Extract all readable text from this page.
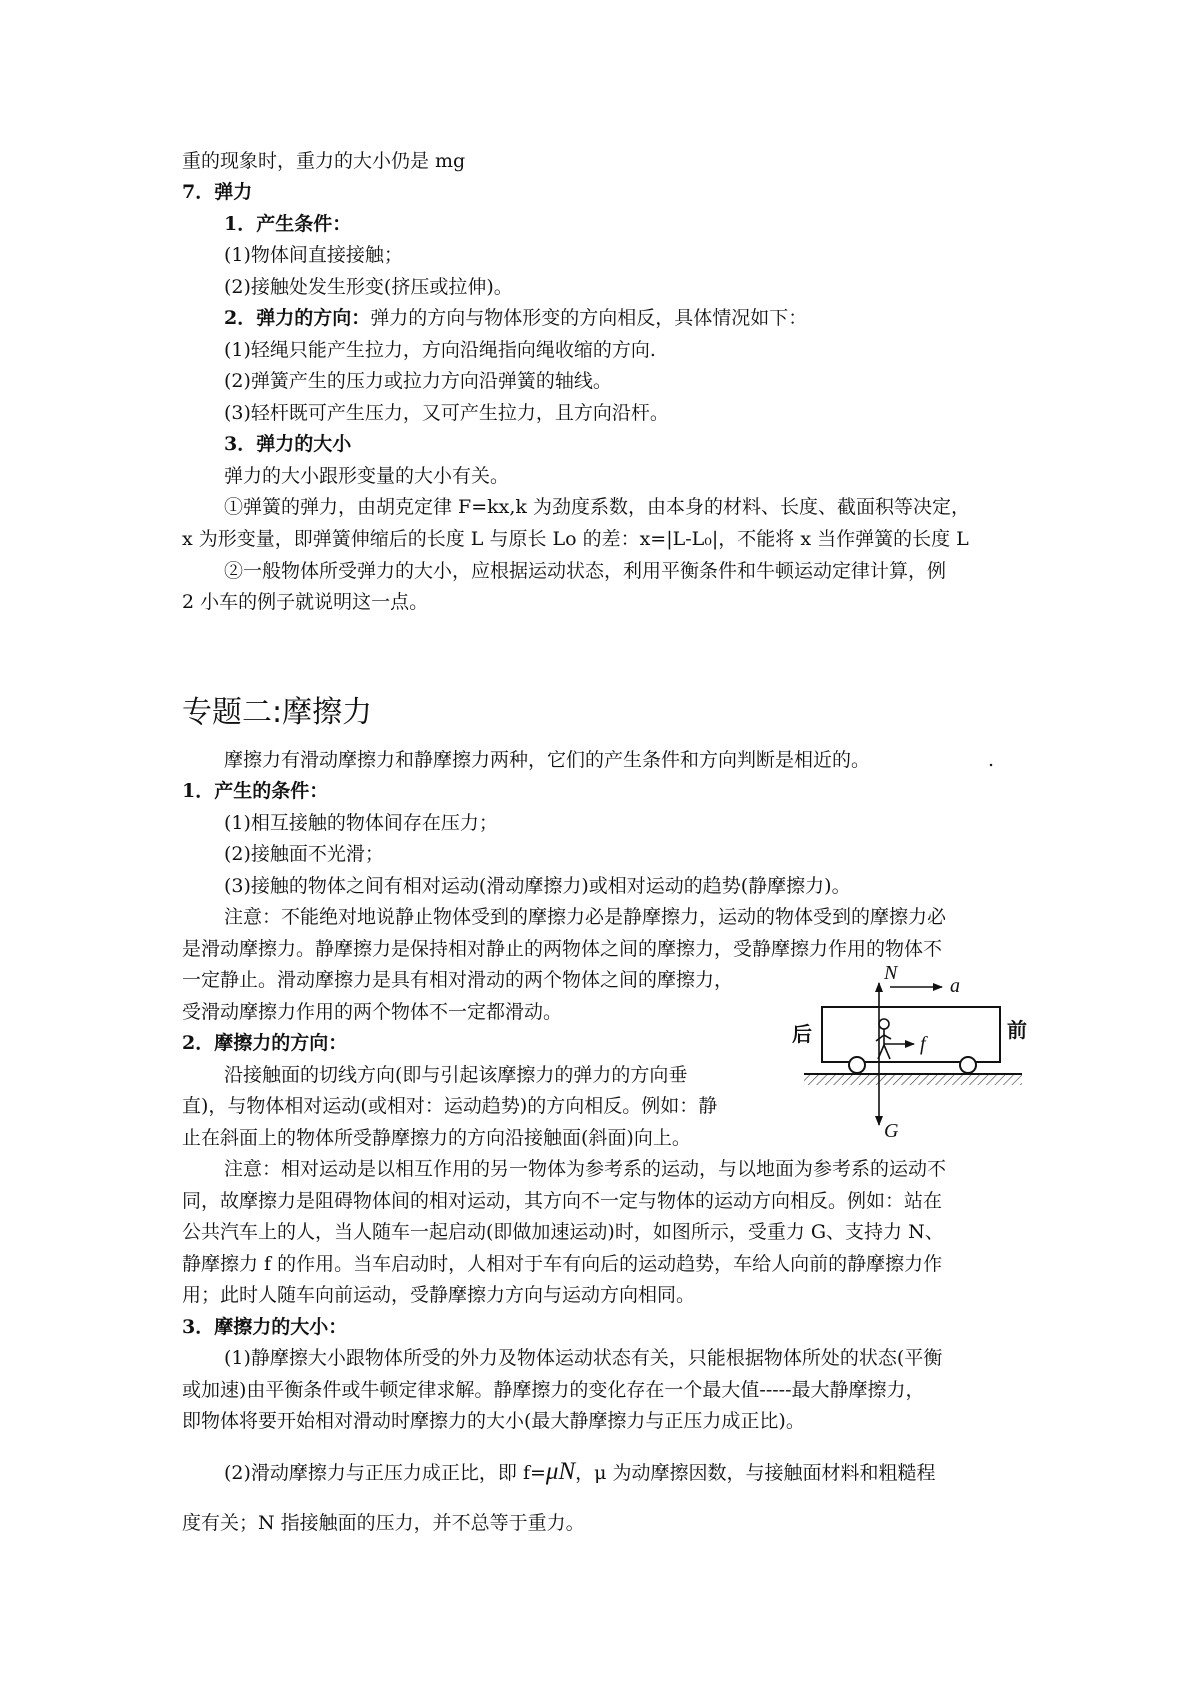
重的现象时，重力的大小仍是 mg
7．弹力
1．产生条件：
(1)物体间直接接触；
(2)接触处发生形变(挤压或拉伸)。
2．弹力的方向：弹力的方向与物体形变的方向相反，具体情况如下：
(1)轻绳只能产生拉力，方向沿绳指向绳收缩的方向.
(2)弹簧产生的压力或拉力方向沿弹簧的轴线。
(3)轻杆既可产生压力，又可产生拉力，且方向沿杆。
3．弹力的大小
弹力的大小跟形变量的大小有关。
①弹簧的弹力，由胡克定律 F=kx,k 为劲度系数，由本身的材料、长度、截面积等决定，
x 为形变量，即弹簧伸缩后的长度 L 与原长 Lo 的差：x=|L-L₀|，不能将 x 当作弹簧的长度 L
②一般物体所受弹力的大小，应根据运动状态，利用平衡条件和牛顿运动定律计算，例
2 小车的例子就说明这一点。
专题二:摩擦力
摩擦力有滑动摩擦力和静摩擦力两种，它们的产生条件和方向判断是相近的。	.
1．产生的条件：
(1)相互接触的物体间存在压力；
(2)接触面不光滑；
(3)接触的物体之间有相对运动(滑动摩擦力)或相对运动的趋势(静摩擦力)。
注意：不能绝对地说静止物体受到的摩擦力必是静摩擦力，运动的物体受到的摩擦力必
是滑动摩擦力。静摩擦力是保持相对静止的两物体之间的摩擦力，受静摩擦力作用的物体不
一定静止。滑动摩擦力是具有相对滑动的两个物体之间的摩擦力，
受滑动摩擦力作用的两个物体不一定都滑动。
2．摩擦力的方向：
沿接触面的切线方向(即与引起该摩擦力的弹力的方向垂
直)，与物体相对运动(或相对：运动趋势)的方向相反。例如：静
止在斜面上的物体所受静摩擦力的方向沿接触面(斜面)向上。
注意：相对运动是以相互作用的另一物体为参考系的运动，与以地面为参考系的运动不
同，故摩擦力是阻碍物体间的相对运动，其方向不一定与物体的运动方向相反。例如：站在
公共汽车上的人，当人随车一起启动(即做加速运动)时，如图所示，受重力 G、支持力 N、
静摩擦力 f 的作用。当车启动时，人相对于车有向后的运动趋势，车给人向前的静摩擦力作
用；此时人随车向前运动，受静摩擦力方向与运动方向相同。
3．摩擦力的大小：
(1)静摩擦大小跟物体所受的外力及物体运动状态有关，只能根据物体所处的状态(平衡
或加速)由平衡条件或牛顿定律求解。静摩擦力的变化存在一个最大值-----最大静摩擦力，
即物体将要开始相对滑动时摩擦力的大小(最大静摩擦力与正压力成正比)。
(2)滑动摩擦力与正压力成正比，即 f=μN，μ 为动摩擦因数，与接触面材料和粗糙程
度有关；N 指接触面的压力，并不总等于重力。
N
a
f
G
后	前
